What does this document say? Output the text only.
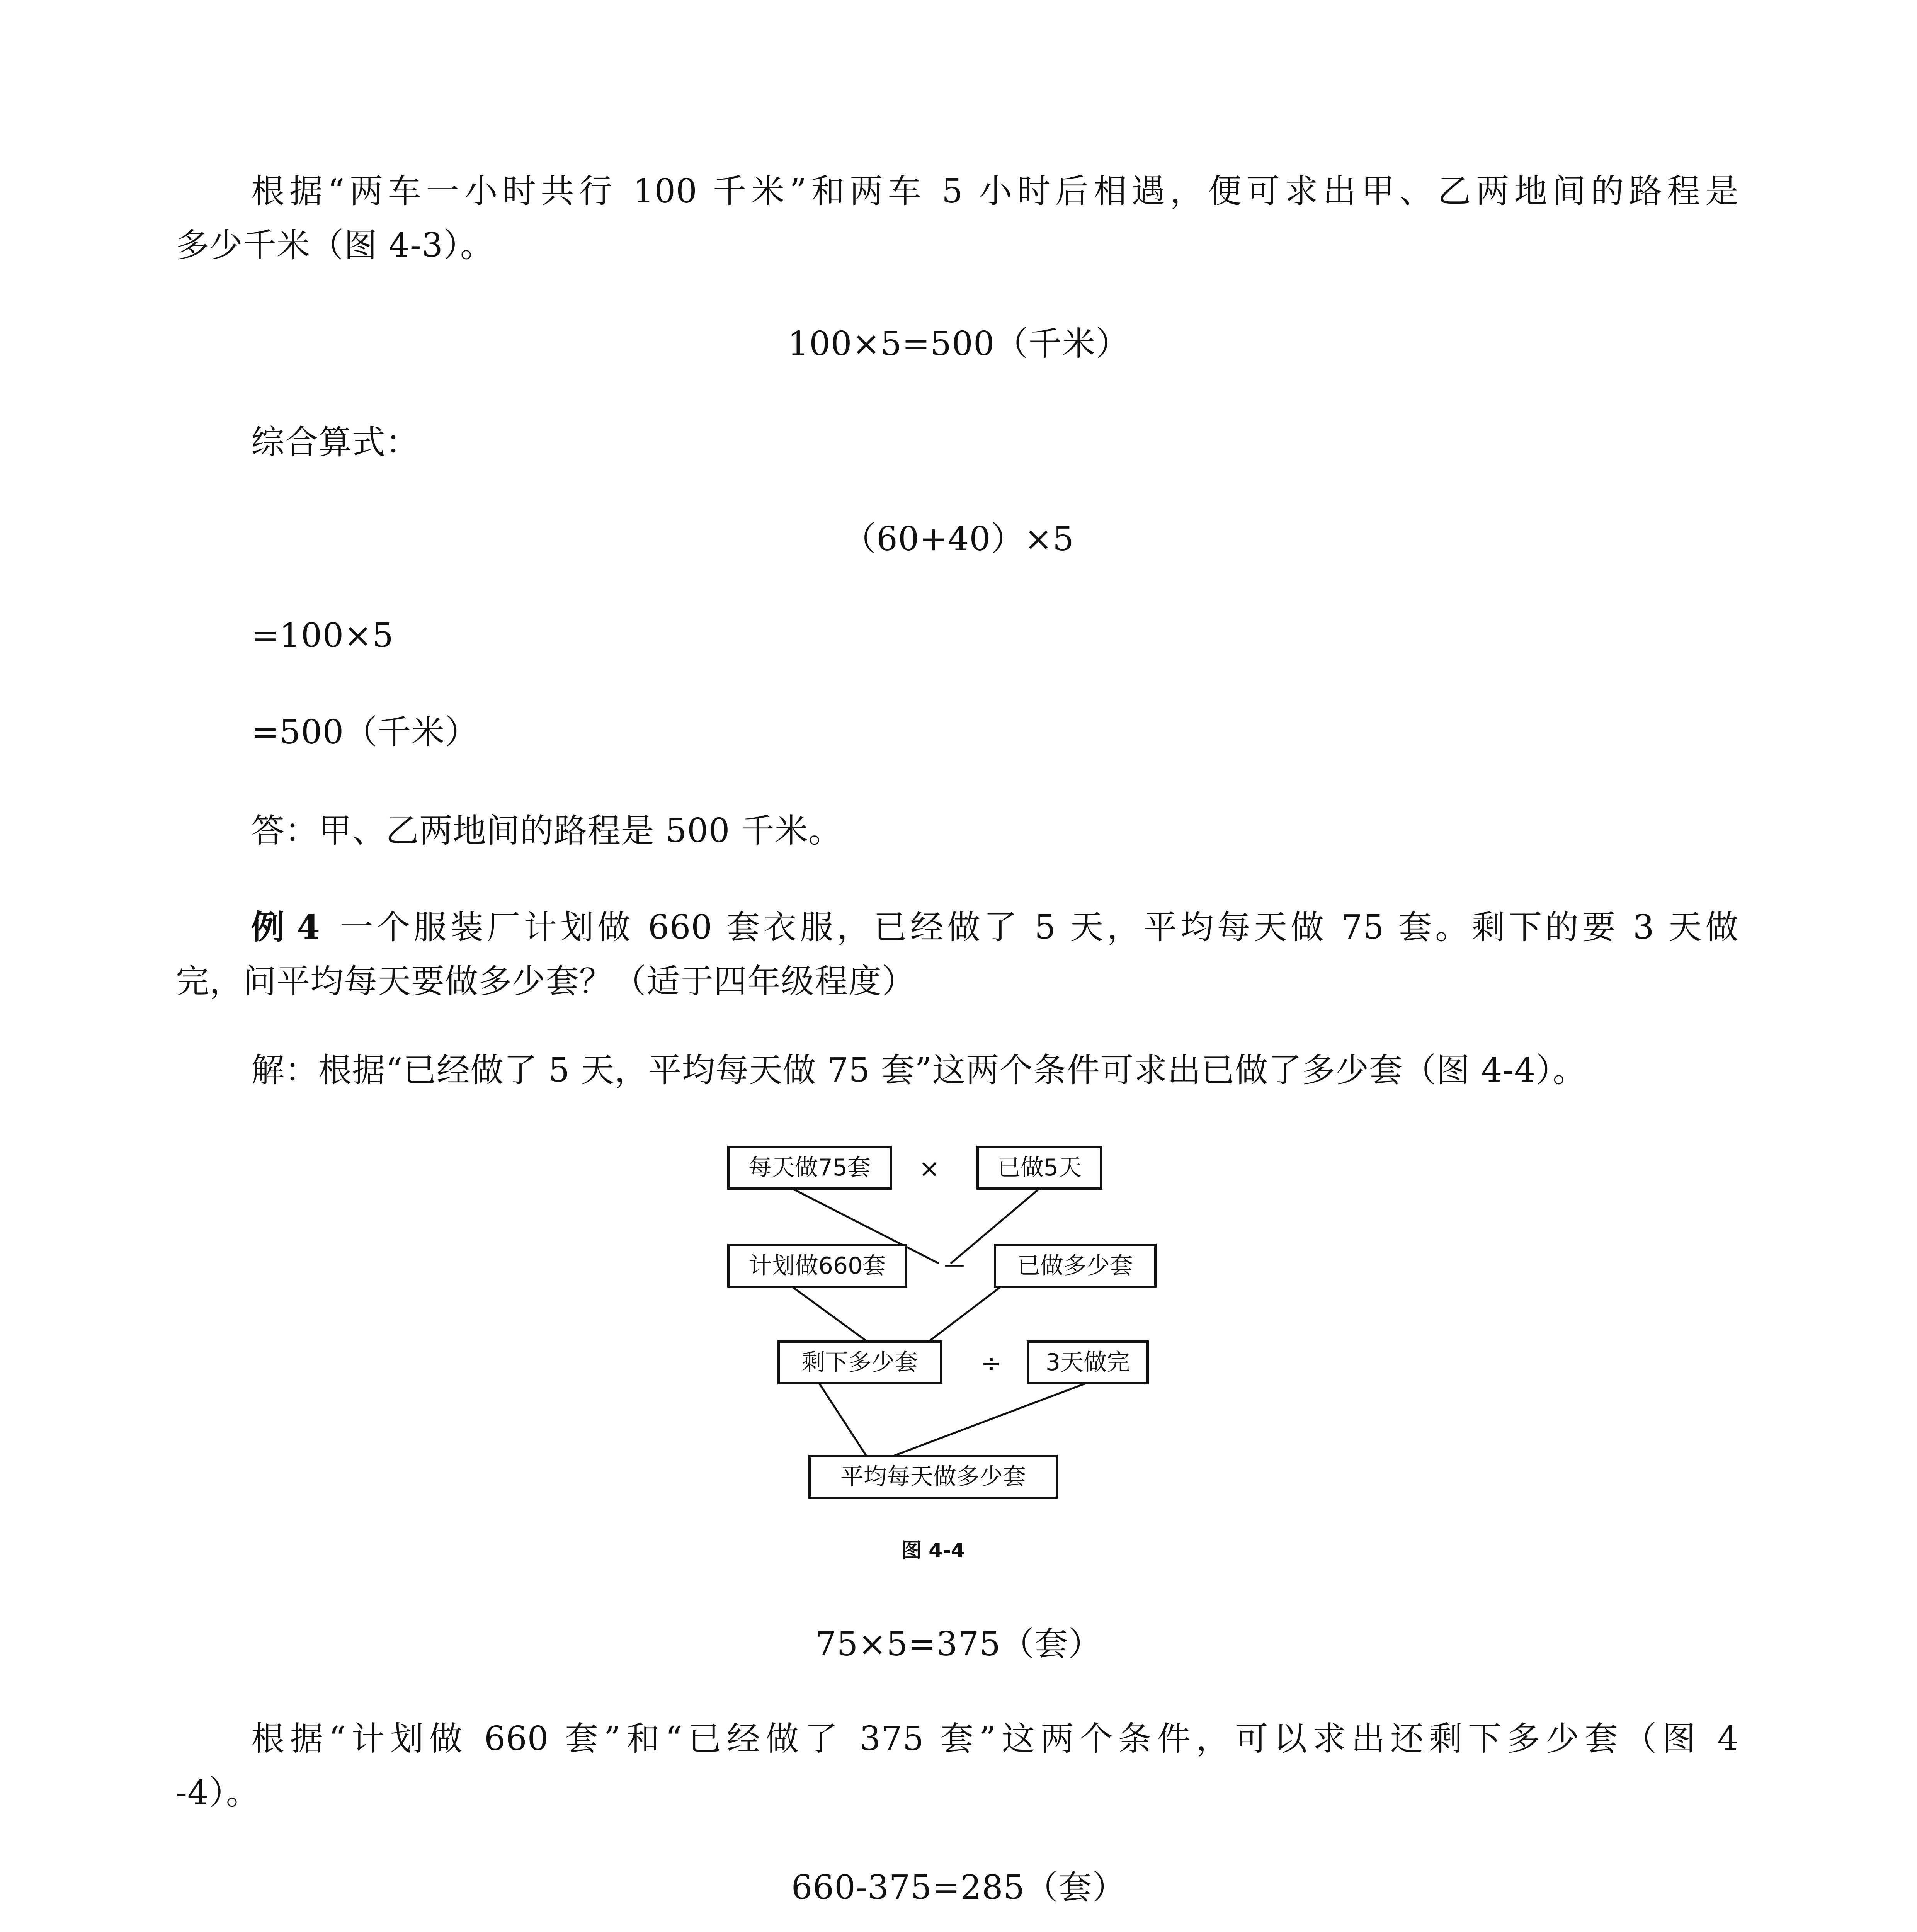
根据“两车一小时共行 100 千米”和两车 5 小时后相遇，便可求出甲、乙两地间的路程是

多少千米（图 4-3）。

100×5=500（千米）

综合算式：

（60+40）×5

=100×5

=500（千米）

答：甲、乙两地间的路程是 500 千米。

例 4 一个服装厂计划做 660 套衣服，已经做了 5 天，平均每天做 75 套。剩下的要 3 天做

完，问平均每天要做多少套？（适于四年级程度）

解：根据“已经做了 5 天，平均每天做 75 套”这两个条件可求出已做了多少套（图 4-4）。

每天做75套 × 已做5天
计划做660套 － 已做多少套
剩下多少套	÷ 3天做完
平均每天做多少套
图 4-4

75×5=375（套）

根据“计划做 660 套”和“已经做了 375 套”这两个条件，可以求出还剩下多少套（图 4

-4）。

660-375=285（套）
